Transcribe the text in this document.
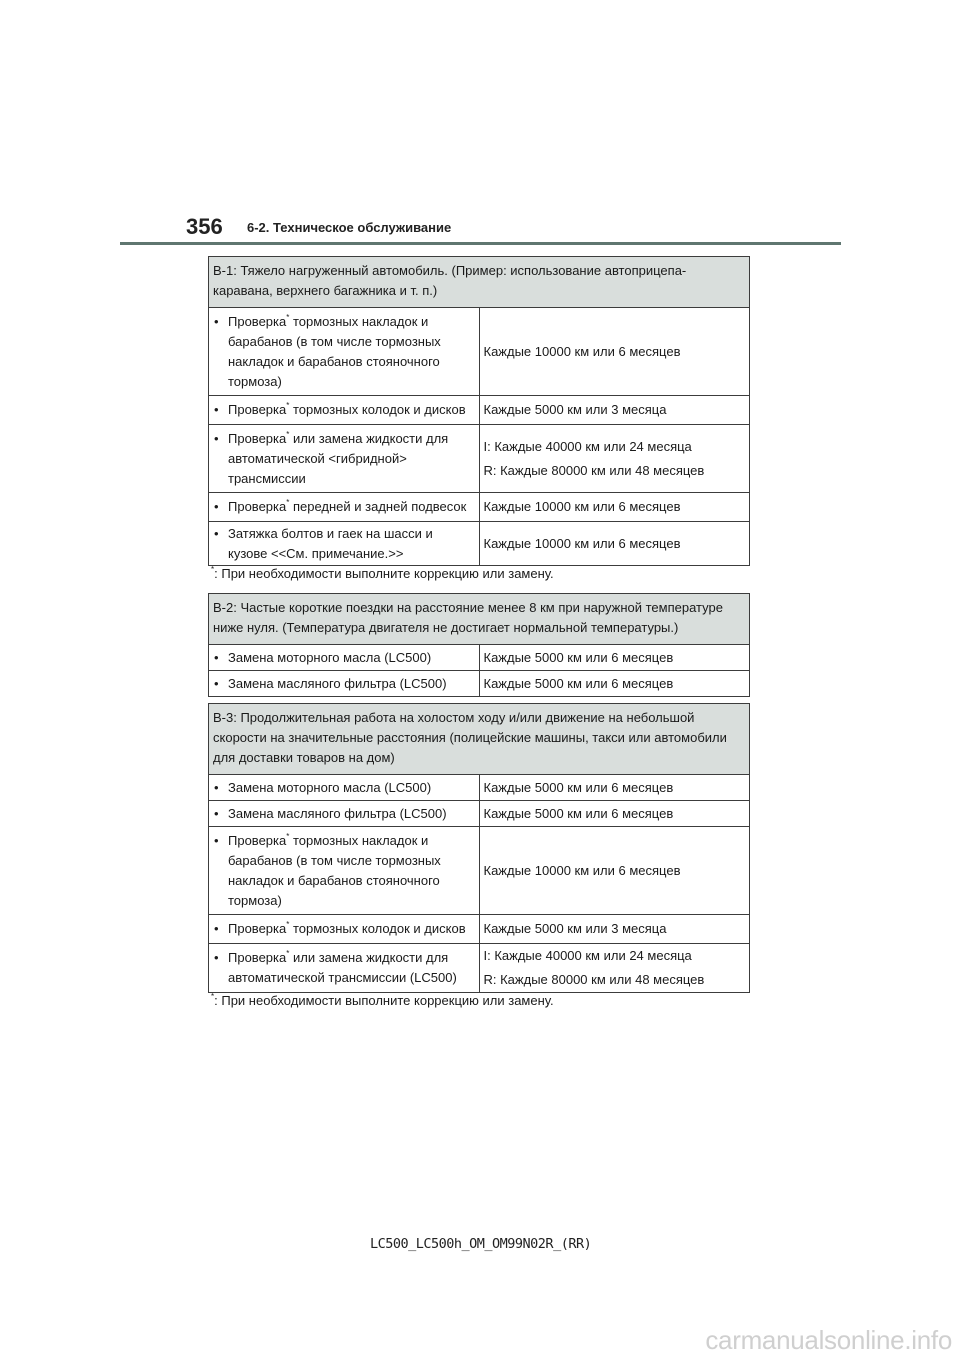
356 6-2. Техническое обслуживание
B-1: Тяжело нагруженный автомобиль. (Пример: использование автоприцепа-каравана, верхнего багажника и т. п.)	

• Проверка* тормозных накладок и барабанов (в том числе тормозных накладок и барабанов стояночного тормоза)	Каждые 10000 км или 6 месяцев

• Проверка* тормозных колодок и дисков	Каждые 5000 км или 3 месяца

• Проверка* или замена жидкости для автоматической <гибридной> трансмиссии	I: Каждые 40000 км или 24 месяца
R: Каждые 80000 км или 48 месяцев

• Проверка* передней и задней подвесок	Каждые 10000 км или 6 месяцев

• Затяжка болтов и гаек на шасси и кузове <<См. примечание.>>	Каждые 10000 км или 6 месяцев
*: При необходимости выполните коррекцию или замену.
B-2: Частые короткие поездки на расстояние менее 8 км при наружной температуре ниже нуля. (Температура двигателя не достигает нормальной температуры.)	

• Замена моторного масла (LC500)	Каждые 5000 км или 6 месяцев

• Замена масляного фильтра (LC500)	Каждые 5000 км или 6 месяцев
B-3: Продолжительная работа на холостом ходу и/или движение на небольшой скорости на значительные расстояния (полицейские машины, такси или автомобили для доставки товаров на дом)	

• Замена моторного масла (LC500)	Каждые 5000 км или 6 месяцев

• Замена масляного фильтра (LC500)	Каждые 5000 км или 6 месяцев

• Проверка* тормозных накладок и барабанов (в том числе тормозных накладок и барабанов стояночного тормоза)	Каждые 10000 км или 6 месяцев

• Проверка* тормозных колодок и дисков	Каждые 5000 км или 3 месяца

• Проверка* или замена жидкости для автоматической трансмиссии (LC500)	I: Каждые 40000 км или 24 месяца
R: Каждые 80000 км или 48 месяцев
*: При необходимости выполните коррекцию или замену.
LC500_LC500h_OM_OM99N02R_(RR)
carmanualsonline.info
